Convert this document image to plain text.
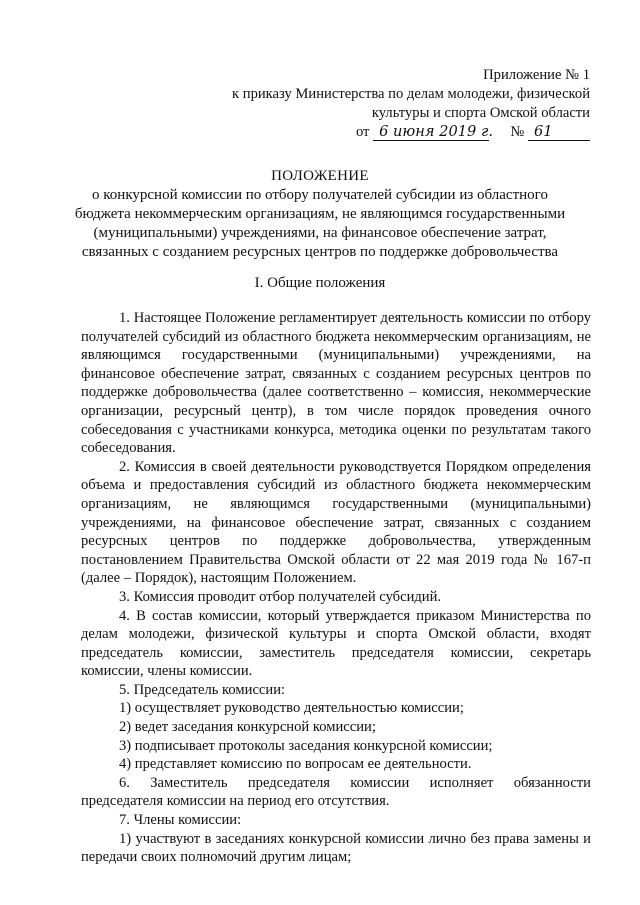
Приложение № 1
к приказу Министерства по делам молодежи, физической
культуры и спорта Омской области
от 6 июня 2019 г. № 61
ПОЛОЖЕНИЕ
о конкурсной комиссии по отбору получателей субсидии из областного
бюджета некоммерческим организациям, не являющимся государственными
(муниципальными) учреждениями, на финансовое обеспечение затрат,
связанных с созданием ресурсных центров по поддержке добровольчества
I. Общие положения

1. Настоящее Положение регламентирует деятельность комиссии по отбору получателей субсидий из областного бюджета некоммерческим организациям, не являющимся государственными (муниципальными) учреждениями, на финансовое обеспечение затрат, связанных с созданием ресурсных центров по поддержке добровольчества (далее соответственно – комиссия, некоммерческие организации, ресурсный центр), в том числе порядок проведения очного собеседования с участниками конкурса, методика оценки по результатам такого собеседования.

2. Комиссия в своей деятельности руководствуется Порядком определения объема и предоставления субсидий из областного бюджета некоммерческим организациям, не являющимся государственными (муниципальными) учреждениями, на финансовое обеспечение затрат, связанных с созданием ресурсных центров по поддержке добровольчества, утвержденным постановлением Правительства Омской области от 22 мая 2019 года № 167-п (далее – Порядок), настоящим Положением.

3. Комиссия проводит отбор получателей субсидий.

4. В состав комиссии, который утверждается приказом Министерства по делам молодежи, физической культуры и спорта Омской области, входят председатель комиссии, заместитель председателя комиссии, секретарь комиссии, члены комиссии.

5. Председатель комиссии:

1) осуществляет руководство деятельностью комиссии;

2) ведет заседания конкурсной комиссии;

3) подписывает протоколы заседания конкурсной комиссии;

4) представляет комиссию по вопросам ее деятельности.

6. Заместитель председателя комиссии исполняет обязанности председателя комиссии на период его отсутствия.

7. Члены комиссии:

1) участвуют в заседаниях конкурсной комиссии лично без права замены и передачи своих полномочий другим лицам;
